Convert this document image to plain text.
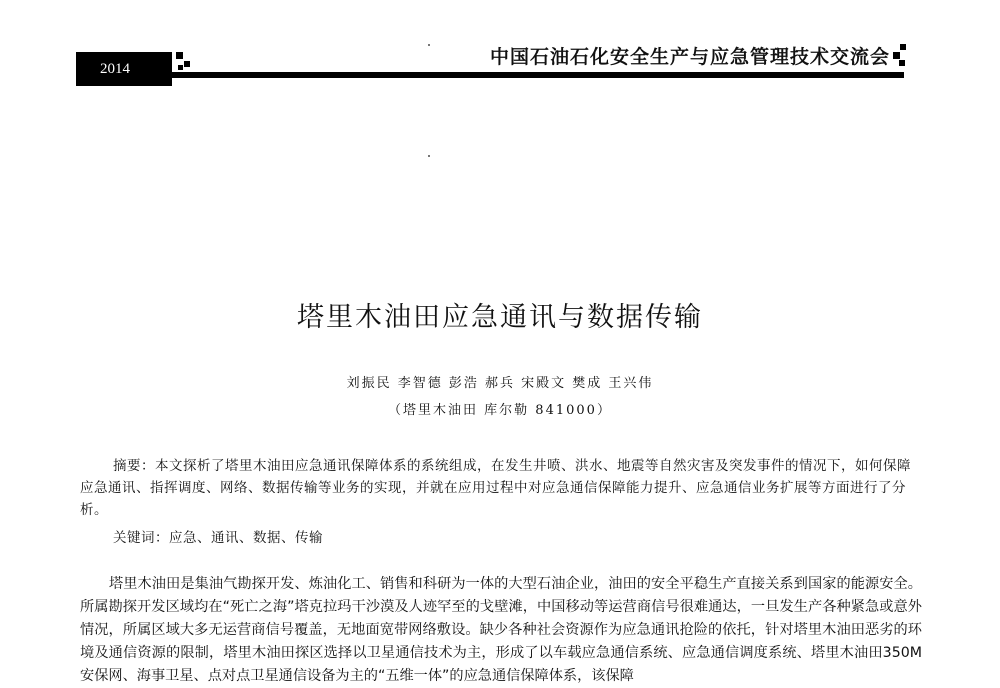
2014
中国石油石化安全生产与应急管理技术交流会
塔里木油田应急通讯与数据传输
刘振民 李智德 彭浩 郝兵 宋殿文 樊成 王兴伟
（塔里木油田 库尔勒 841000）

摘要：本文探析了塔里木油田应急通讯保障体系的系统组成，在发生井喷、洪水、地震等自然灾害及突发事件的情况下，如何保障应急通讯、指挥调度、网络、数据传输等业务的实现，并就在应用过程中对应急通信保障能力提升、应急通信业务扩展等方面进行了分析。

关键词：应急、通讯、数据、传输

塔里木油田是集油气勘探开发、炼油化工、销售和科研为一体的大型石油企业，油田的安全平稳生产直接关系到国家的能源安全。所属勘探开发区域均在“死亡之海”塔克拉玛干沙漠及人迹罕至的戈壁滩，中国移动等运营商信号很难通达，一旦发生产各种紧急或意外情况，所属区域大多无运营商信号覆盖，无地面宽带网络敷设。缺少各种社会资源作为应急通讯抢险的依托，针对塔里木油田恶劣的环境及通信资源的限制，塔里木油田探区选择以卫星通信技术为主，形成了以车载应急通信系统、应急通信调度系统、塔里木油田350M安保网、海事卫星、点对点卫星通信设备为主的“五维一体”的应急通信保障体系，该保障
